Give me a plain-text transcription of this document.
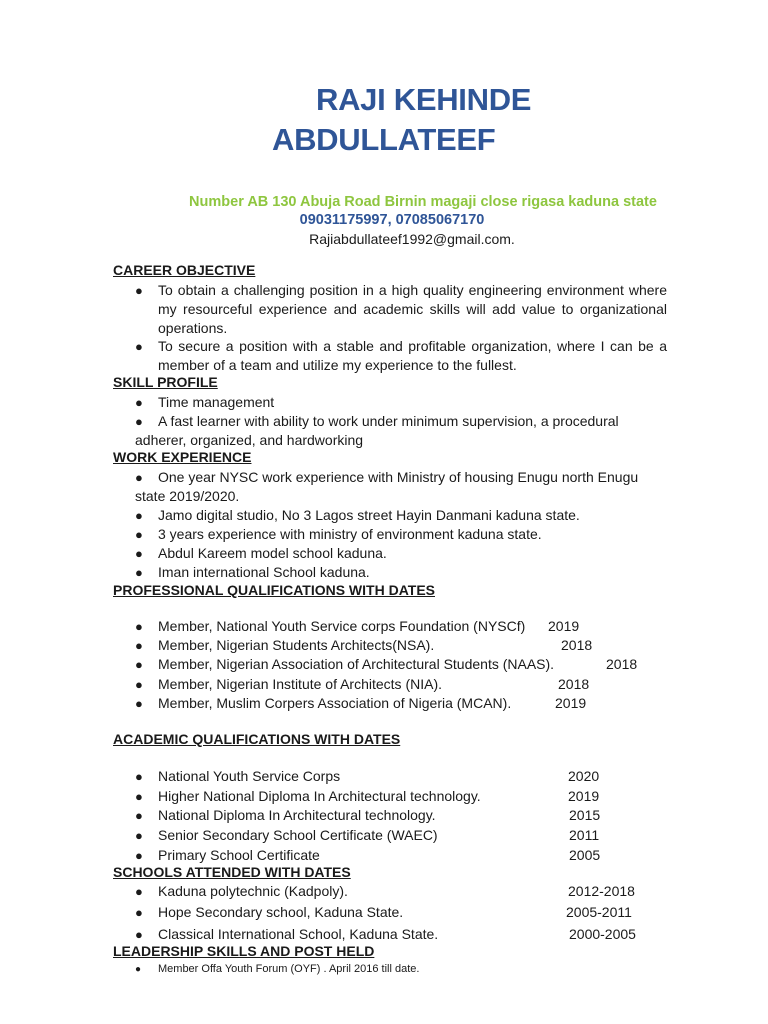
RAJI KEHINDE
ABDULLATEEF
Number AB 130 Abuja Road Birnin magaji close rigasa kaduna state
09031175997, 07085067170
Rajiabdullateef1992@gmail.com.
CAREER OBJECTIVE
●	To obtain a challenging position in a high quality engineering environment where my resourceful experience and academic skills will add value to organizational operations.
●	To secure a position with a stable and profitable organization, where I can be a member of a team and utilize my experience to the fullest.
SKILL PROFILE
●	Time management
●	A fast learner with ability to work under minimum supervision, a procedural
adherer, organized, and hardworking
WORK EXPERIENCE
●	One year NYSC work experience with Ministry of housing Enugu north Enugu
state 2019/2020.
●	Jamo digital studio, No 3 Lagos street Hayin Danmani kaduna state.
●	3 years experience with ministry of environment kaduna state.
●	Abdul Kareem model school kaduna.
●	Iman international School kaduna.
PROFESSIONAL QUALIFICATIONS WITH DATES
● Member, National Youth Service corps Foundation (NYSCf) 2019
● Member, Nigerian Students Architects(NSA).	2018
● Member, Nigerian Association of Architectural Students (NAAS).	2018
● Member, Nigerian Institute of Architects (NIA).	2018
● Member, Muslim Corpers Association of Nigeria (MCAN).	2019
ACADEMIC QUALIFICATIONS WITH DATES
● National Youth Service Corps	2020
● Higher National Diploma In Architectural technology.	2019
● National Diploma In Architectural technology.	2015
● Senior Secondary School Certificate (WAEC)	2011
● Primary School Certificate	2005
SCHOOLS ATTENDED WITH DATES
● Kaduna polytechnic (Kadpoly).	2012-2018
● Hope Secondary school, Kaduna State.	2005-2011
● Classical International School, Kaduna State.	2000-2005
LEADERSHIP SKILLS AND POST HELD
● Member Offa Youth Forum (OYF) . April 2016 till date.
